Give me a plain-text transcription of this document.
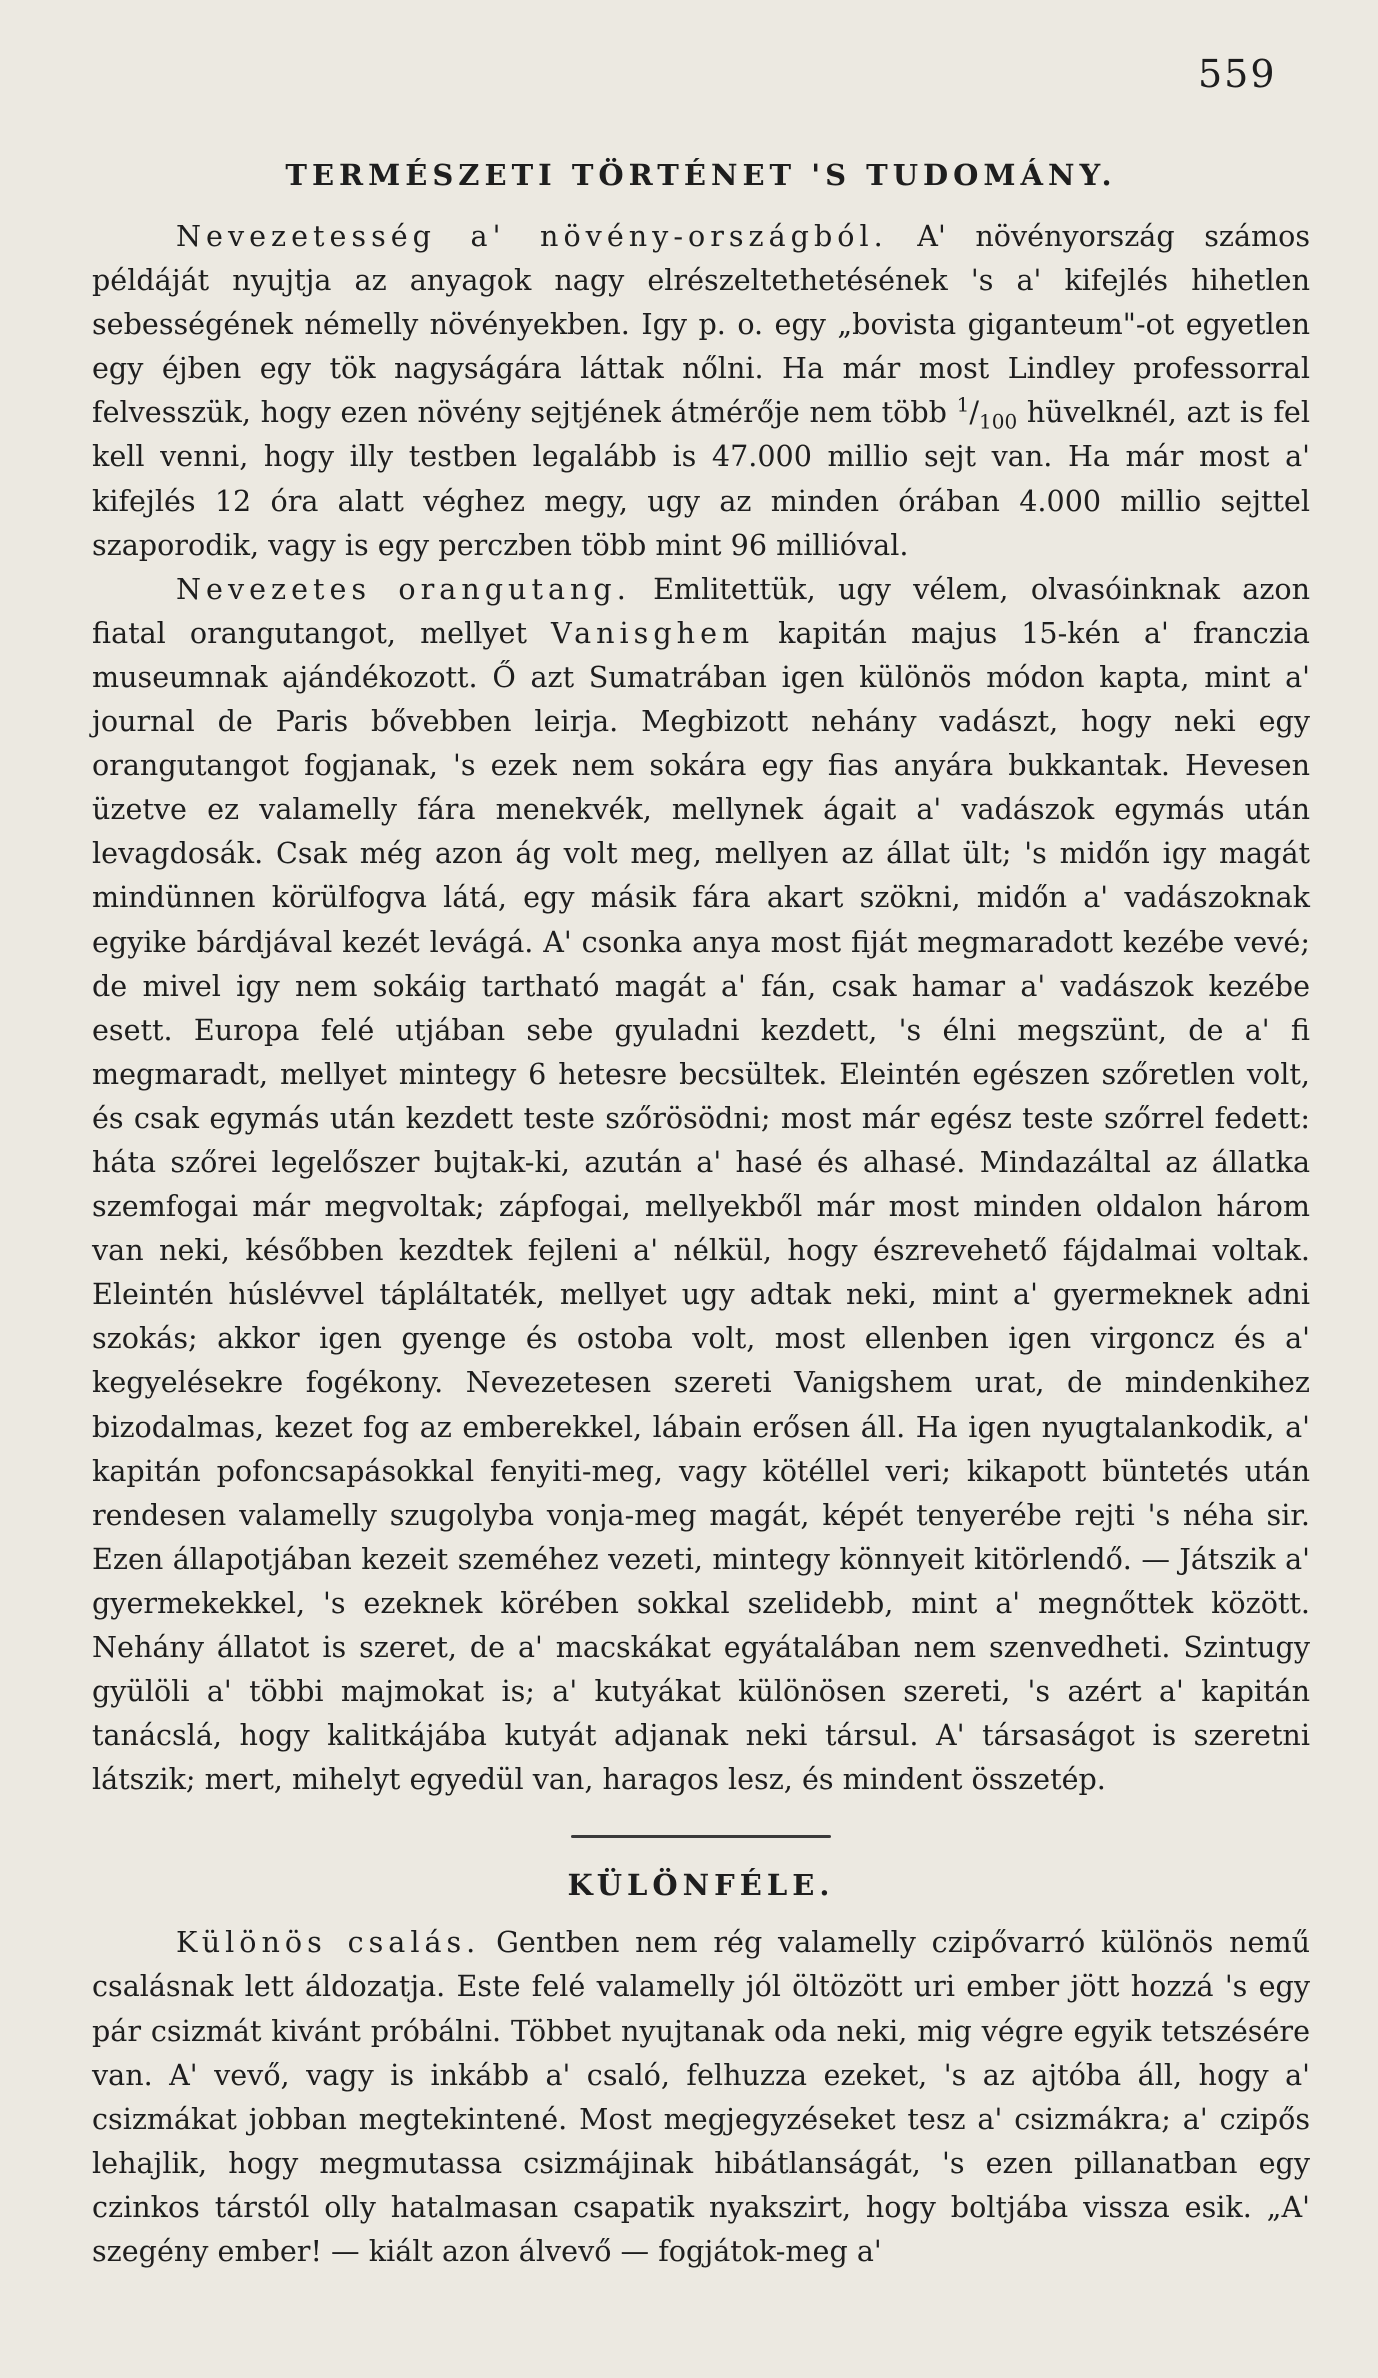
559
TERMÉSZETI TÖRTÉNET 'S TUDOMÁNY.

Nevezetesség a' növény-országból. A' növényország számos példáját nyujtja az anyagok nagy elrészeltethetésének 's a' kifejlés hihetlen sebességének némelly növényekben. Igy p. o. egy „bovista giganteum"-ot egyetlen egy éjben egy tök nagyságára láttak nőlni. Ha már most Lindley professorral felvesszük, hogy ezen növény sejtjének átmérője nem több $^1/_{100}$ hüvelknél, azt is fel kell venni, hogy illy testben legalább is 47.000 millio sejt van. Ha már most a' kifejlés 12 óra alatt véghez megy, ugy az minden órában 4.000 millio sejttel szaporodik, vagy is egy perczben több mint 96 millióval.

Nevezetes orangutang. Emlitettük, ugy vélem, olvasóinknak azon fiatal orangutangot, mellyet Vanisghem kapitán majus 15-kén a' franczia museumnak ajándékozott. Ő azt Sumatrában igen különös módon kapta, mint a' journal de Paris bővebben leirja. Megbizott nehány vadászt, hogy neki egy orangutangot fogjanak, 's ezek nem sokára egy fias anyára bukkantak. Hevesen üzetve ez valamelly fára menekvék, mellynek ágait a' vadászok egymás után levagdosák. Csak még azon ág volt meg, mellyen az állat ült; 's midőn igy magát mindünnen körülfogva látá, egy másik fára akart szökni, midőn a' vadászoknak egyike bárdjával kezét levágá. A' csonka anya most fiját megmaradott kezébe vevé; de mivel igy nem sokáig tartható magát a' fán, csak hamar a' vadászok kezébe esett. Europa felé utjában sebe gyuladni kezdett, 's élni megszünt, de a' fi megmaradt, mellyet mintegy 6 hetesre becsültek. Eleintén egészen szőretlen volt, és csak egymás után kezdett teste szőrösödni; most már egész teste szőrrel fedett: háta szőrei legelőszer bujtak-ki, azután a' hasé és alhasé. Mindazáltal az állatka szemfogai már megvoltak; zápfogai, mellyekből már most minden oldalon három van neki, későbben kezdtek fejleni a' nélkül, hogy észrevehető fájdalmai voltak. Eleintén húslévvel tápláltaték, mellyet ugy adtak neki, mint a' gyermeknek adni szokás; akkor igen gyenge és ostoba volt, most ellenben igen virgoncz és a' kegyelésekre fogékony. Nevezetesen szereti Vanigshem urat, de mindenkihez bizodalmas, kezet fog az emberekkel, lábain erősen áll. Ha igen nyugtalankodik, a' kapitán pofoncsapásokkal fenyiti-meg, vagy kötéllel veri; kikapott büntetés után rendesen valamelly szugolyba vonja-meg magát, képét tenyerébe rejti 's néha sir. Ezen állapotjában kezeit szeméhez vezeti, mintegy könnyeit kitörlendő. — Játszik a' gyermekekkel, 's ezeknek körében sokkal szelidebb, mint a' megnőttek között. Nehány állatot is szeret, de a' macskákat egyátalában nem szenvedheti. Szintugy gyülöli a' többi majmokat is; a' kutyákat különösen szereti, 's azért a' kapitán tanácslá, hogy kalitkájába kutyát adjanak neki társul. A' társaságot is szeretni látszik; mert, mihelyt egyedül van, haragos lesz, és mindent összetép.

KÜLÖNFÉLE.

Különös csalás. Gentben nem rég valamelly czipővarró különös nemű csalásnak lett áldozatja. Este felé valamelly jól öltözött uri ember jött hozzá 's egy pár csizmát kivánt próbálni. Többet nyujtanak oda neki, mig végre egyik tetszésére van. A' vevő, vagy is inkább a' csaló, felhuzza ezeket, 's az ajtóba áll, hogy a' csizmákat jobban megtekintené. Most megjegyzéseket tesz a' csizmákra; a' czipős lehajlik, hogy megmutassa csizmájinak hibátlanságát, 's ezen pillanatban egy czinkos társtól olly hatalmasan csapatik nyakszirt, hogy boltjába vissza esik. „A' szegény ember! — kiált azon álvevő — fogjátok-meg a'
